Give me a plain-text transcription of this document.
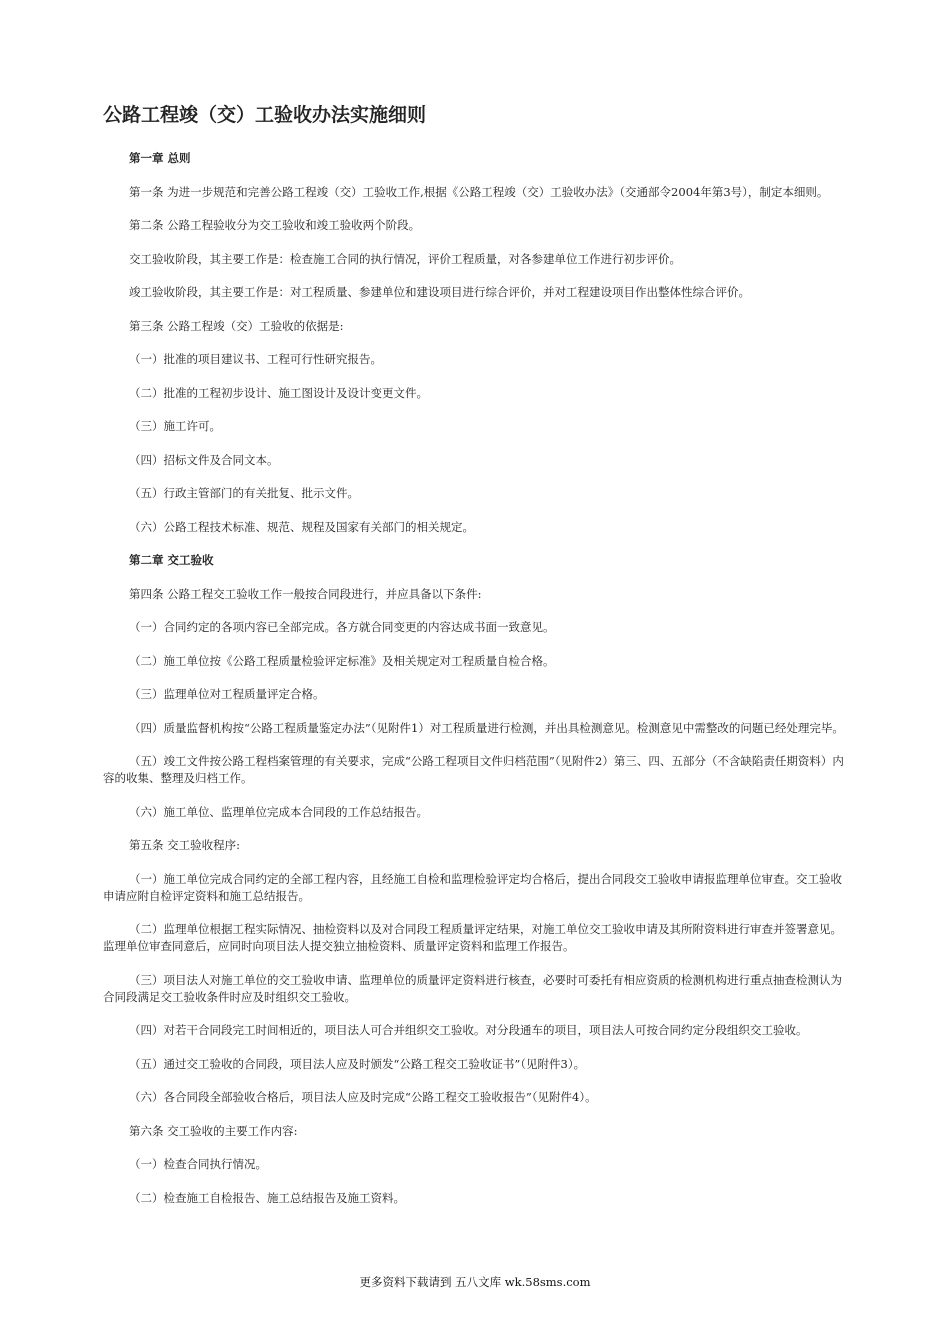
公路工程竣（交）工验收办法实施细则

第一章 总则

第一条 为进一步规范和完善公路工程竣（交）工验收工作,根据《公路工程竣（交）工验收办法》（交通部令2004年第3号），制定本细则。

第二条 公路工程验收分为交工验收和竣工验收两个阶段。

交工验收阶段，其主要工作是：检查施工合同的执行情况，评价工程质量，对各参建单位工作进行初步评价。

竣工验收阶段，其主要工作是：对工程质量、参建单位和建设项目进行综合评价，并对工程建设项目作出整体性综合评价。

第三条 公路工程竣（交）工验收的依据是:

（一）批准的项目建议书、工程可行性研究报告。

（二）批准的工程初步设计、施工图设计及设计变更文件。

（三）施工许可。

（四）招标文件及合同文本。

（五）行政主管部门的有关批复、批示文件。

（六）公路工程技术标准、规范、规程及国家有关部门的相关规定。

第二章 交工验收

第四条 公路工程交工验收工作一般按合同段进行，并应具备以下条件:

（一）合同约定的各项内容已全部完成。各方就合同变更的内容达成书面一致意见。

（二）施工单位按《公路工程质量检验评定标准》及相关规定对工程质量自检合格。

（三）监理单位对工程质量评定合格。

（四）质量监督机构按“公路工程质量鉴定办法”（见附件1）对工程质量进行检测，并出具检测意见。检测意见中需整改的问题已经处理完毕。

（五）竣工文件按公路工程档案管理的有关要求，完成“公路工程项目文件归档范围”（见附件2）第三、四、五部分（不含缺陷责任期资料）内容的收集、整理及归档工作。

（六）施工单位、监理单位完成本合同段的工作总结报告。

第五条 交工验收程序:

（一）施工单位完成合同约定的全部工程内容，且经施工自检和监理检验评定均合格后，提出合同段交工验收申请报监理单位审查。交工验收申请应附自检评定资料和施工总结报告。

（二）监理单位根据工程实际情况、抽检资料以及对合同段工程质量评定结果，对施工单位交工验收申请及其所附资料进行审查并签署意见。监理单位审查同意后，应同时向项目法人提交独立抽检资料、质量评定资料和监理工作报告。

（三）项目法人对施工单位的交工验收申请、监理单位的质量评定资料进行核查，必要时可委托有相应资质的检测机构进行重点抽查检测认为合同段满足交工验收条件时应及时组织交工验收。

（四）对若干合同段完工时间相近的，项目法人可合并组织交工验收。对分段通车的项目，项目法人可按合同约定分段组织交工验收。

（五）通过交工验收的合同段，项目法人应及时颁发“公路工程交工验收证书”（见附件3）。

（六）各合同段全部验收合格后，项目法人应及时完成“公路工程交工验收报告”（见附件4）。

第六条 交工验收的主要工作内容:

（一）检查合同执行情况。

（二）检查施工自检报告、施工总结报告及施工资料。

更多资料下载请到 五八文库 wk.58sms.com
